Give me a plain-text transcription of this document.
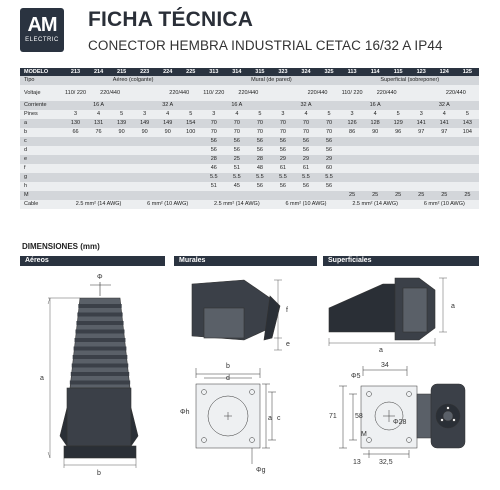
AM
ELECTRIC
FICHA TÉCNICA
CONECTOR HEMBRA INDUSTRIAL CETAC 16/32 A IP44
MODELO	213	214	215	223	224	225	313	314	315	323	324	325	113	114	115	123	124	125
Tipo	Aéreo (colgante)						Mural (de pared)						Superficial (sobreponer)					
Voltaje	110/ 220	220/440			220/440		110/ 220	220/440			220/440		110/ 220	220/440			220/440	
Corriente	16 A			32 A			16 A			32 A			16 A			32 A		
Pines	3	4	5	3	4	5	3	4	5	3	4	5	3	4	5	3	4	5
a	130	131	139	149	149	154	70	70	70	70	70	70	126	128	129	141	141	143
b	66	76	90	90	90	100	70	70	70	70	70	70	86	90	96	97	97	104
c							56	56	56	56	56	56						
d							56	56	56	56	56	56						
e							28	25	28	29	29	29						
f							46	51	48	61	61	60						
g							5.5	5.5	5.5	5.5	5.5	5.5						
h							51	45	56	56	56	56						
M													25	25	25	25	25	25
Cable	2.5 mm² (14 AWG)			6 mm² (10 AWG)			2.5 mm² (14 AWG)			6 mm² (10 AWG)			2.5 mm² (14 AWG)			6 mm² (10 AWG)		
DIMENSIONES (mm)
Aéreos	Murales	Superficiales
Φ
a
b
f
e
b
d
Φh
a c
Φg
a
a
Φ5
34
71	58
M
Φ28
13	32,5
